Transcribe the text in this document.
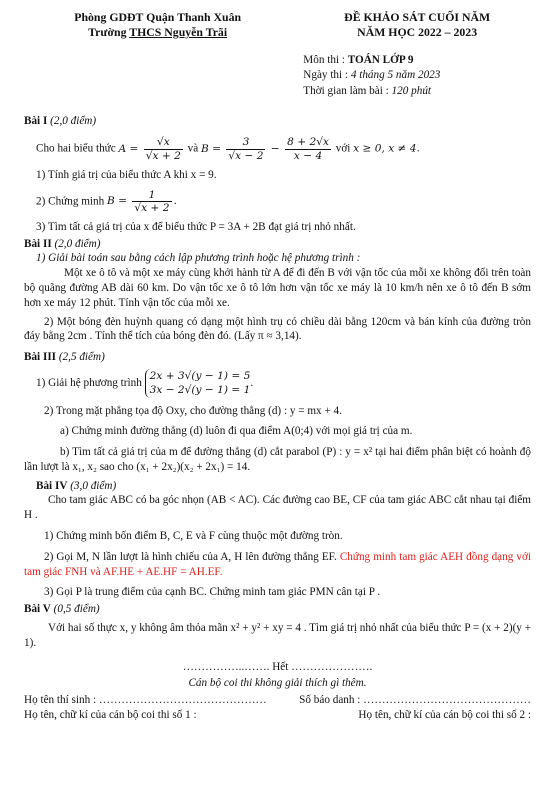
Phòng GDĐT Quận Thanh Xuân
Trường THCS Nguyễn Trãi
ĐỀ KHẢO SÁT CUỐI NĂM
NĂM HỌC 2022 – 2023
Môn thi : TOÁN LỚP 9
Ngày thi : 4 tháng 5 năm 2023
Thời gian làm bài : 120 phút

Bài I (2,0 điểm)

Cho hai biểu thức $A = \frac{√x}{√x + 2}$ và $B = \frac{3}{√x - 2} - \frac{8 + 2√x}{x - 4}$ với x ≥ 0, x ≠ 4.

1) Tính giá trị của biểu thức A khi x = 9.

2) Chứng minh $B = \frac{1}{√x + 2}$ .

3) Tìm tất cả giá trị của x để biểu thức P = 3A + 2B đạt giá trị nhỏ nhất.

Bài II (2,0 điểm)

1) Giải bài toán sau bằng cách lập phương trình hoặc hệ phương trình :

Một xe ô tô và một xe máy cùng khởi hành từ A để đi đến B với vận tốc của mỗi xe không đổi trên toàn bộ quãng đường AB dài 60 km. Do vận tốc xe ô tô lớn hơn vận tốc xe máy là 10 km/h nên xe ô tô đến B sớm hơn xe máy 12 phút. Tính vận tốc của mỗi xe.

2) Một bóng đèn huỳnh quang có dạng một hình trụ có chiều dài bằng 120cm và bán kính của đường tròn đáy bằng 2cm . Tính thể tích của bóng đèn đó. (Lấy π ≈ 3,14).

Bài III (2,5 điểm)

1) Giải hệ phương trình
2x + 3√(y − 1) = 5
3x − 2√(y − 1) = 1
.

2) Trong mặt phẳng tọa độ Oxy, cho đường thẳng (d) : y = mx + 4.

a) Chứng minh đường thẳng (d) luôn đi qua điểm A(0;4) với mọi giá trị của m.

b) Tìm tất cả giá trị của m để đường thẳng (d) cắt parabol (P) : y = x² tại hai điểm phân biệt có hoành độ lần lượt là x₁, x₂ sao cho (x₁ + 2x₂)(x₂ + 2x₁) = 14.

Bài IV (3,0 điểm)

Cho tam giác ABC có ba góc nhọn (AB < AC). Các đường cao BE, CF của tam giác ABC cắt nhau tại điểm H .

1) Chứng minh bốn điểm B, C, E và F cùng thuộc một đường tròn.

2) Gọi M, N lần lượt là hình chiếu của A, H lên đường thẳng EF. Chứng minh tam giác AEH đồng dạng với tam giác FNH và AF.HE + AE.HF = AH.EF.

3) Gọi P là trung điểm của cạnh BC. Chứng minh tam giác PMN cân tại P .

Bài V (0,5 điểm)

Với hai số thực x, y không âm thỏa mãn x² + y² + xy = 4 . Tìm giá trị nhỏ nhất của biểu thức P = (x + 2)(y + 1).

……………..……. Hết ………………….
Cán bộ coi thi không giải thích gì thêm.
Họ tên thí sinh : ………………………………………	Số báo danh : ………………………………………
Họ tên, chữ kí của cán bộ coi thi số 1 :	Họ tên, chữ kí của cán bộ coi thi số 2 :
